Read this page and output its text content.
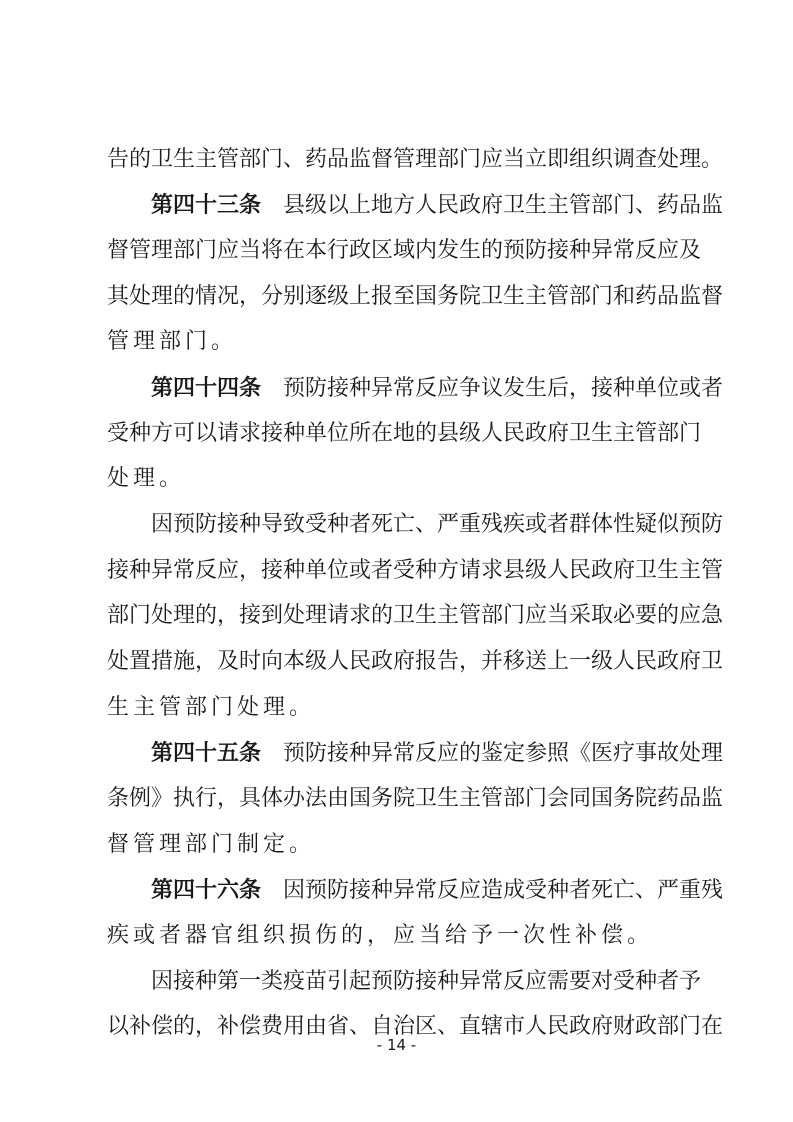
告的卫生主管部门、药品监督管理部门应当立即组织调查处理。
第四十三条 县级以上地方人民政府卫生主管部门、药品监
督管理部门应当将在本行政区域内发生的预防接种异常反应及
其处理的情况，分别逐级上报至国务院卫生主管部门和药品监督
管理部门。
第四十四条 预防接种异常反应争议发生后，接种单位或者
受种方可以请求接种单位所在地的县级人民政府卫生主管部门
处理。
因预防接种导致受种者死亡、严重残疾或者群体性疑似预防
接种异常反应，接种单位或者受种方请求县级人民政府卫生主管
部门处理的，接到处理请求的卫生主管部门应当采取必要的应急
处置措施，及时向本级人民政府报告，并移送上一级人民政府卫
生主管部门处理。
第四十五条 预防接种异常反应的鉴定参照《医疗事故处理
条例》执行，具体办法由国务院卫生主管部门会同国务院药品监
督管理部门制定。
第四十六条 因预防接种异常反应造成受种者死亡、严重残
疾或者器官组织损伤的，应当给予一次性补偿。
因接种第一类疫苗引起预防接种异常反应需要对受种者予
以补偿的，补偿费用由省、自治区、直辖市人民政府财政部门在
- 14 -
